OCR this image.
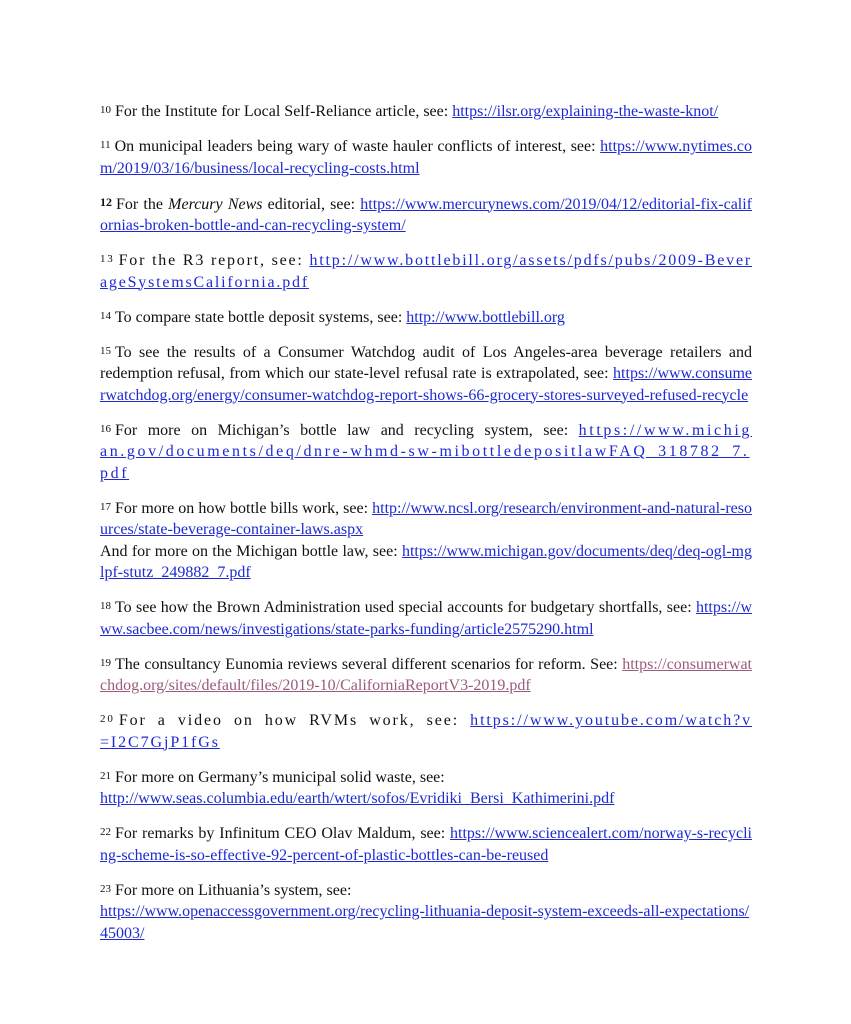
10 For the Institute for Local Self-Reliance article, see: https://ilsr.org/explaining-the-waste-knot/

11 On municipal leaders being wary of waste hauler conflicts of interest, see: https://www.nytimes.com/2019/03/16/business/local-recycling-costs.html

12 For the Mercury News editorial, see: https://www.mercurynews.com/2019/04/12/editorial-fix-californias-broken-bottle-and-can-recycling-system/

13 For the R3 report, see: http://www.bottlebill.org/assets/pdfs/pubs/2009-BeverageSystemsCalifornia.pdf

14 To compare state bottle deposit systems, see: http://www.bottlebill.org

15 To see the results of a Consumer Watchdog audit of Los Angeles-area beverage retailers and redemption refusal, from which our state-level refusal rate is extrapolated, see: https://www.consumerwatchdog.org/energy/consumer-watchdog-report-shows-66-grocery-stores-surveyed-refused-recycle

16 For more on Michigan’s bottle law and recycling system, see: https://www.michigan.gov/documents/deq/dnre-whmd-sw-mibottledepositlawFAQ_318782_7.pdf

17 For more on how bottle bills work, see: http://www.ncsl.org/research/environment-and-natural-resources/state-beverage-container-laws.aspx
And for more on the Michigan bottle law, see: https://www.michigan.gov/documents/deq/deq-ogl-mglpf-stutz_249882_7.pdf

18 To see how the Brown Administration used special accounts for budgetary shortfalls, see: https://www.sacbee.com/news/investigations/state-parks-funding/article2575290.html

19 The consultancy Eunomia reviews several different scenarios for reform. See: https://consumerwatchdog.org/sites/default/files/2019-10/CaliforniaReportV3-2019.pdf

20 For a video on how RVMs work, see: https://www.youtube.com/watch?v=I2C7GjP1fGs

21 For more on Germany’s municipal solid waste, see:
http://www.seas.columbia.edu/earth/wtert/sofos/Evridiki_Bersi_Kathimerini.pdf

22 For remarks by Infinitum CEO Olav Maldum, see: https://www.sciencealert.com/norway-s-recycling-scheme-is-so-effective-92-percent-of-plastic-bottles-can-be-reused

23 For more on Lithuania’s system, see:
https://www.openaccessgovernment.org/recycling-lithuania-deposit-system-exceeds-all-expectations/45003/
